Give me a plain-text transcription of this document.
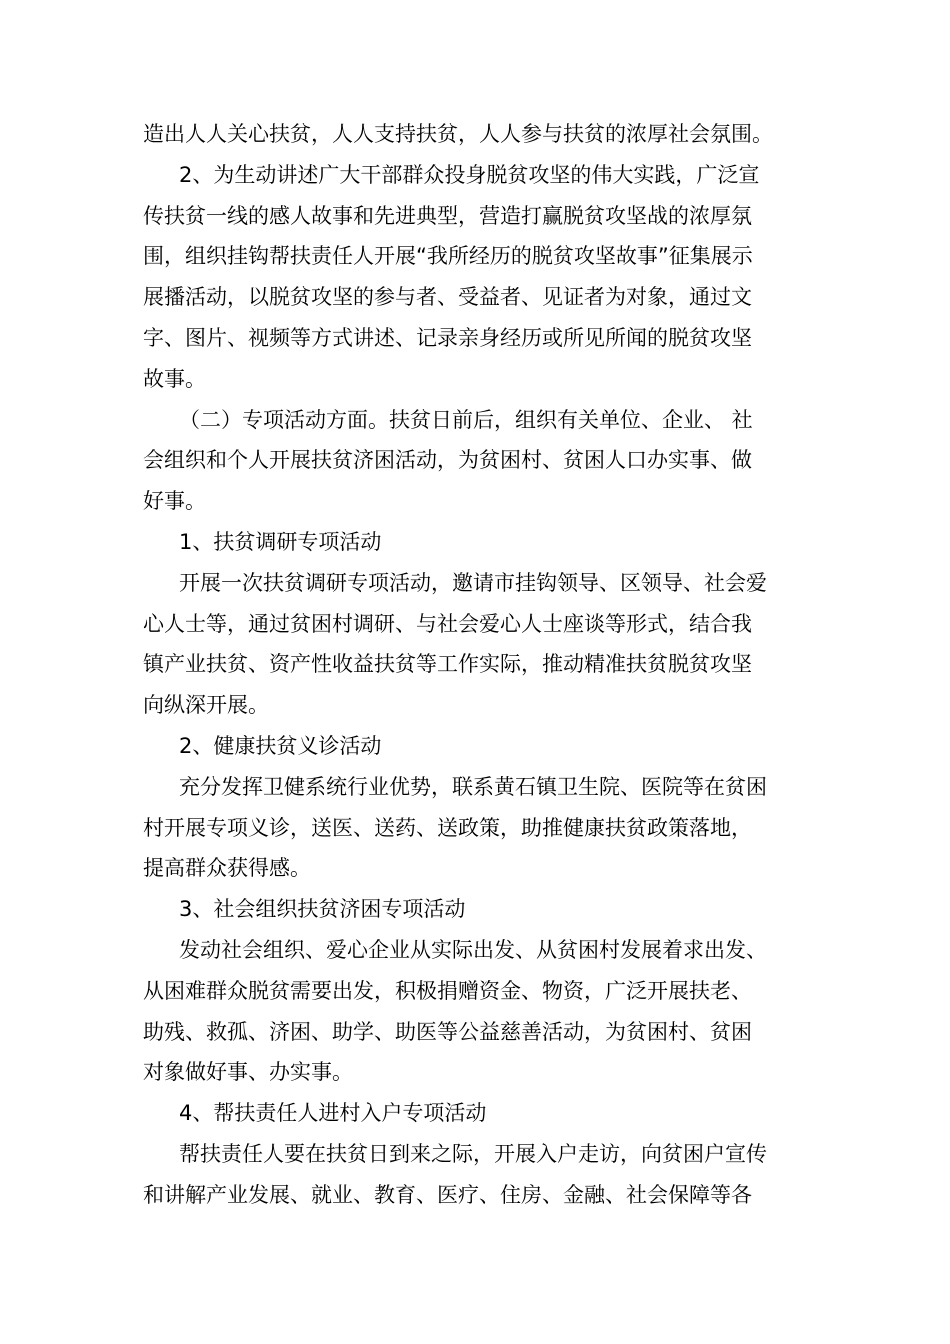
造出人人关心扶贫，人人支持扶贫，人人参与扶贫的浓厚社会氛围。
2、为生动讲述广大干部群众投身脱贫攻坚的伟大实践，广泛宣
传扶贫一线的感人故事和先进典型，营造打赢脱贫攻坚战的浓厚氛
围，组织挂钩帮扶责任人开展“我所经历的脱贫攻坚故事”征集展示
展播活动，以脱贫攻坚的参与者、受益者、见证者为对象，通过文
字、图片、视频等方式讲述、记录亲身经历或所见所闻的脱贫攻坚
故事。
（二）专项活动方面。扶贫日前后，组织有关单位、企业、 社
会组织和个人开展扶贫济困活动，为贫困村、贫困人口办实事、做
好事。
1、扶贫调研专项活动
开展一次扶贫调研专项活动，邀请市挂钩领导、区领导、社会爱
心人士等，通过贫困村调研、与社会爱心人士座谈等形式，结合我
镇产业扶贫、资产性收益扶贫等工作实际，推动精准扶贫脱贫攻坚
向纵深开展。
2、健康扶贫义诊活动
充分发挥卫健系统行业优势，联系黄石镇卫生院、医院等在贫困
村开展专项义诊，送医、送药、送政策，助推健康扶贫政策落地，
提高群众获得感。
3、社会组织扶贫济困专项活动
发动社会组织、爱心企业从实际出发、从贫困村发展着求出发、
从困难群众脱贫需要出发，积极捐赠资金、物资，广泛开展扶老、
助残、救孤、济困、助学、助医等公益慈善活动，为贫困村、贫困
对象做好事、办实事。
4、帮扶责任人进村入户专项活动
帮扶责任人要在扶贫日到来之际，开展入户走访，向贫困户宣传
和讲解产业发展、就业、教育、医疗、住房、金融、社会保障等各
